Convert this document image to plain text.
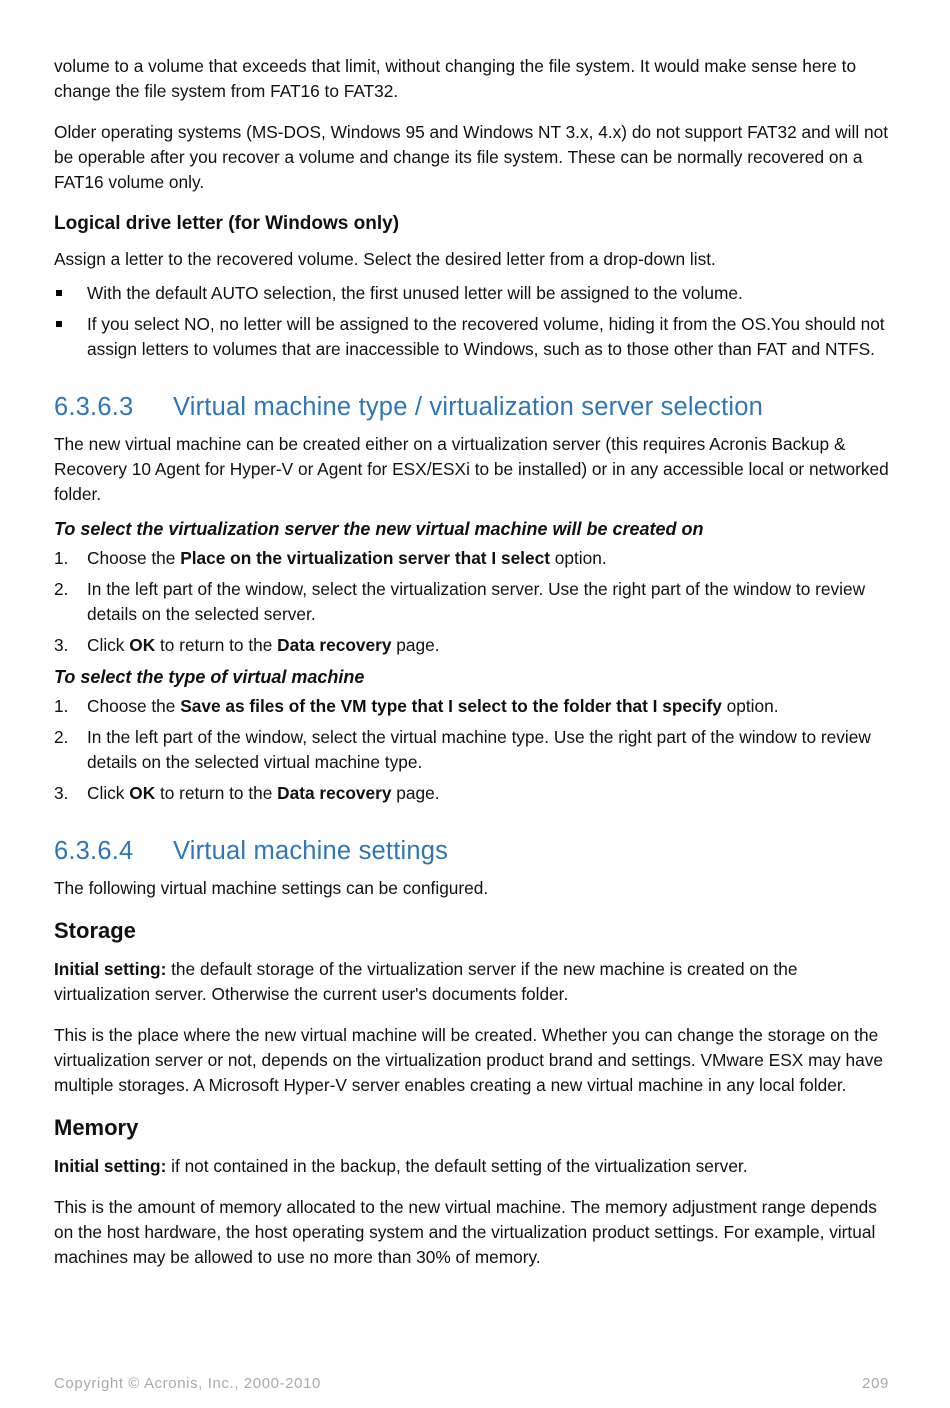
volume to a volume that exceeds that limit, without changing the file system. It would make sense here to change the file system from FAT16 to FAT32.

Older operating systems (MS-DOS, Windows 95 and Windows NT 3.x, 4.x) do not support FAT32 and will not be operable after you recover a volume and change its file system. These can be normally recovered on a FAT16 volume only.

Logical drive letter (for Windows only)

Assign a letter to the recovered volume. Select the desired letter from a drop-down list.

With the default AUTO selection, the first unused letter will be assigned to the volume.
If you select NO, no letter will be assigned to the recovered volume, hiding it from the OS.You should not assign letters to volumes that are inaccessible to Windows, such as to those other than FAT and NTFS.
6.3.6.3 Virtual machine type / virtualization server selection

The new virtual machine can be created either on a virtualization server (this requires Acronis Backup & Recovery 10 Agent for Hyper-V or Agent for ESX/ESXi to be installed) or in any accessible local or networked folder.

To select the virtualization server the new virtual machine will be created on
1. Choose the Place on the virtualization server that I select option.
2. In the left part of the window, select the virtualization server. Use the right part of the window to review details on the selected server.
3. Click OK to return to the Data recovery page.
To select the type of virtual machine
1. Choose the Save as files of the VM type that I select to the folder that I specify option.
2. In the left part of the window, select the virtual machine type. Use the right part of the window to review details on the selected virtual machine type.
3. Click OK to return to the Data recovery page.
6.3.6.4 Virtual machine settings

The following virtual machine settings can be configured.

Storage

Initial setting: the default storage of the virtualization server if the new machine is created on the virtualization server. Otherwise the current user's documents folder.

This is the place where the new virtual machine will be created. Whether you can change the storage on the virtualization server or not, depends on the virtualization product brand and settings. VMware ESX may have multiple storages. A Microsoft Hyper-V server enables creating a new virtual machine in any local folder.

Memory

Initial setting: if not contained in the backup, the default setting of the virtualization server.

This is the amount of memory allocated to the new virtual machine. The memory adjustment range depends on the host hardware, the host operating system and the virtualization product settings. For example, virtual machines may be allowed to use no more than 30% of memory.

Copyright © Acronis, Inc., 2000-2010	209
